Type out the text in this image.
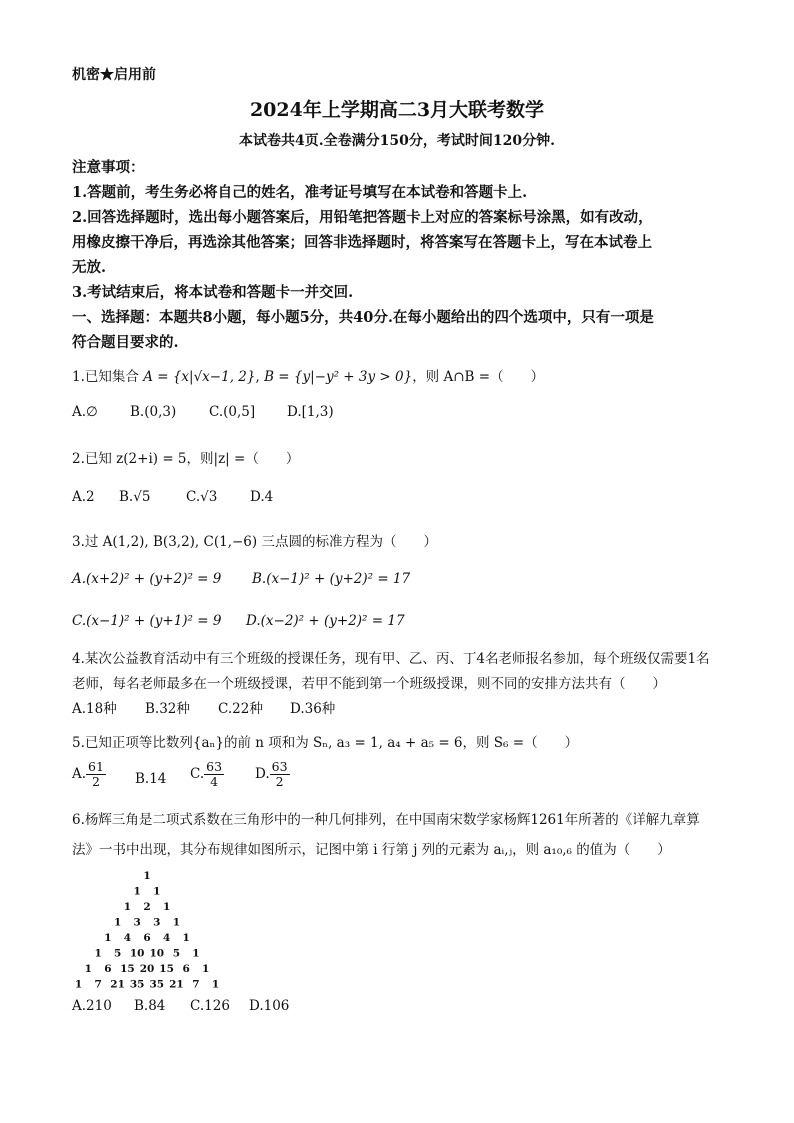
机密★启用前
2024年上学期高二3月大联考数学
本试卷共4页.全卷满分150分，考试时间120分钟.
注意事项：
1.答题前，考生务必将自己的姓名，准考证号填写在本试卷和答题卡上.
2.回答选择题时，选出每小题答案后，用铅笔把答题卡上对应的答案标号涂黑，如有改动，
用橡皮擦干净后，再选涂其他答案；回答非选择题时，将答案写在答题卡上，写在本试卷上
无放.
3.考试结束后，将本试卷和答题卡一并交回.
一、选择题：本题共8小题，每小题5分，共40分.在每小题给出的四个选项中，只有一项是
符合题目要求的.
1.已知集合 A = {x|√x−1, 2}, B = {y|−y² + 3y > 0}，则 A∩B =（　　）
A.∅ B.(0,3) C.(0,5] D.[1,3)
2.已知 z(2+i) = 5，则|z| =（　　）
A.2 B.√5	C.√3 D.4
3.过 A(1,2), B(3,2), C(1,−6) 三点圆的标准方程为（　　）
A.(x+2)² + (y+2)² = 9 B.(x−1)² + (y+2)² = 17
C.(x−1)² + (y+1)² = 9 D.(x−2)² + (y+2)² = 17
4.某次公益教育活动中有三个班级的授课任务，现有甲、乙、丙、丁4名老师报名参加，每个班级仅需要1名
老师，每名老师最多在一个班级授课，若甲不能到第一个班级授课，则不同的安排方法共有（　　）
A.18种 B.32种 C.22种 D.36种
5.已知正项等比数列{aₙ}的前 n 项和为 Sₙ, a₃ = 1, a₄ + a₅ = 6，则 S₆ =（　　）
A. $\frac{61}{2} B.14$ C. $\frac{63}{4} D$. $\frac{63}{2}$
6.杨辉三角是二项式系数在三角形中的一种几何排列，在中国南宋数学家杨辉1261年所著的《详解九章算
法》一书中出现，其分布规律如图所示，记图中第 i 行第 j 列的元素为 aᵢ,ⱼ，则 a₁₀,₆ 的值为（　　）
1
1 1
1 2 1
1 3 3 1
1 4 6 4 1
1 5 10 10 5 1
1 6 15 20 15 6 1
1 7 21 35 35 21 7 1
A.210 B.84 C.126 D.106
